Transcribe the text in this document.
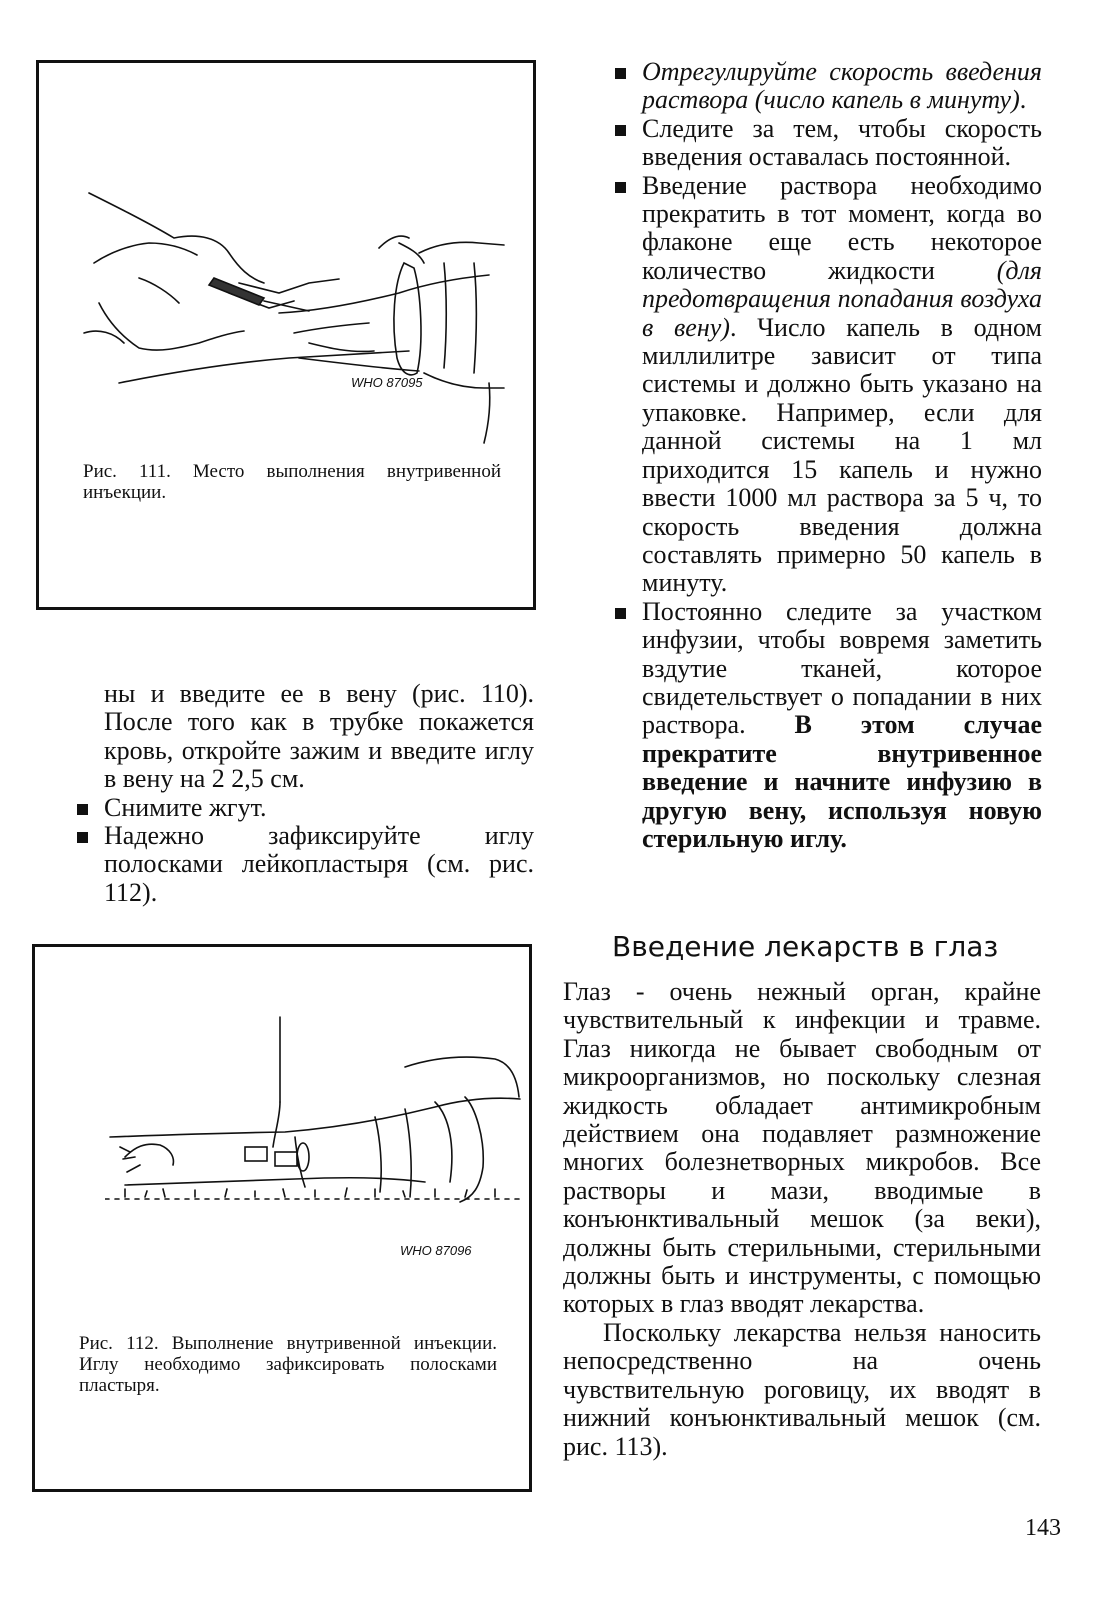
WHO 87095
Рис. 111. Место выполнения внутривенной инъекции.

ны и введите ее в вену (рис. 110). После того как в трубке покажется кровь, откройте зажим и введите иглу в вену на 2 2,5 см.

Снимите жгут.

Надежно зафиксируйте иглу полосками лейкопластыря (см. рис. 112).

WHO 87096
Рис. 112. Выполнение внутривенной инъекции. Иглу необходимо зафиксировать полосками пластыря.

Отрегулируйте скорость введения раствора (число капель в минуту).

Следите за тем, чтобы скорость введения оставалась постоянной.

Введение раствора необходимо прекратить в тот момент, когда во флаконе еще есть некоторое количество жидкости (для предотвращения попадания воздуха в вену). Число капель в одном миллилитре зависит от типа системы и должно быть указано на упаковке. Например, если для данной системы на 1 мл приходится 15 капель и нужно ввести 1000 мл раствора за 5 ч, то скорость введения должна составлять примерно 50 капель в минуту.

Постоянно следите за участком инфузии, чтобы вовремя заметить вздутие тканей, которое свидетельствует о попадании в них раствора. В этом случае прекратите внутривенное введение и начните инфузию в другую вену, используя новую стерильную иглу.

Введение лекарств в глаз

Глаз - очень нежный орган, крайне чувствительный к инфекции и травме. Глаз никогда не бывает свободным от микроорганизмов, но поскольку слезная жидкость обладает антимикробным действием она подавляет размножение многих болезнетворных микробов. Все растворы и мази, вводимые в конъюнктивальный мешок (за веки), должны быть стерильными, стерильными должны быть и инструменты, с помощью которых в глаз вводят лекарства.

Поскольку лекарства нельзя наносить непосредственно на очень чувствительную роговицу, их вводят в нижний конъюнктивальный мешок (см. рис. 113).

143
